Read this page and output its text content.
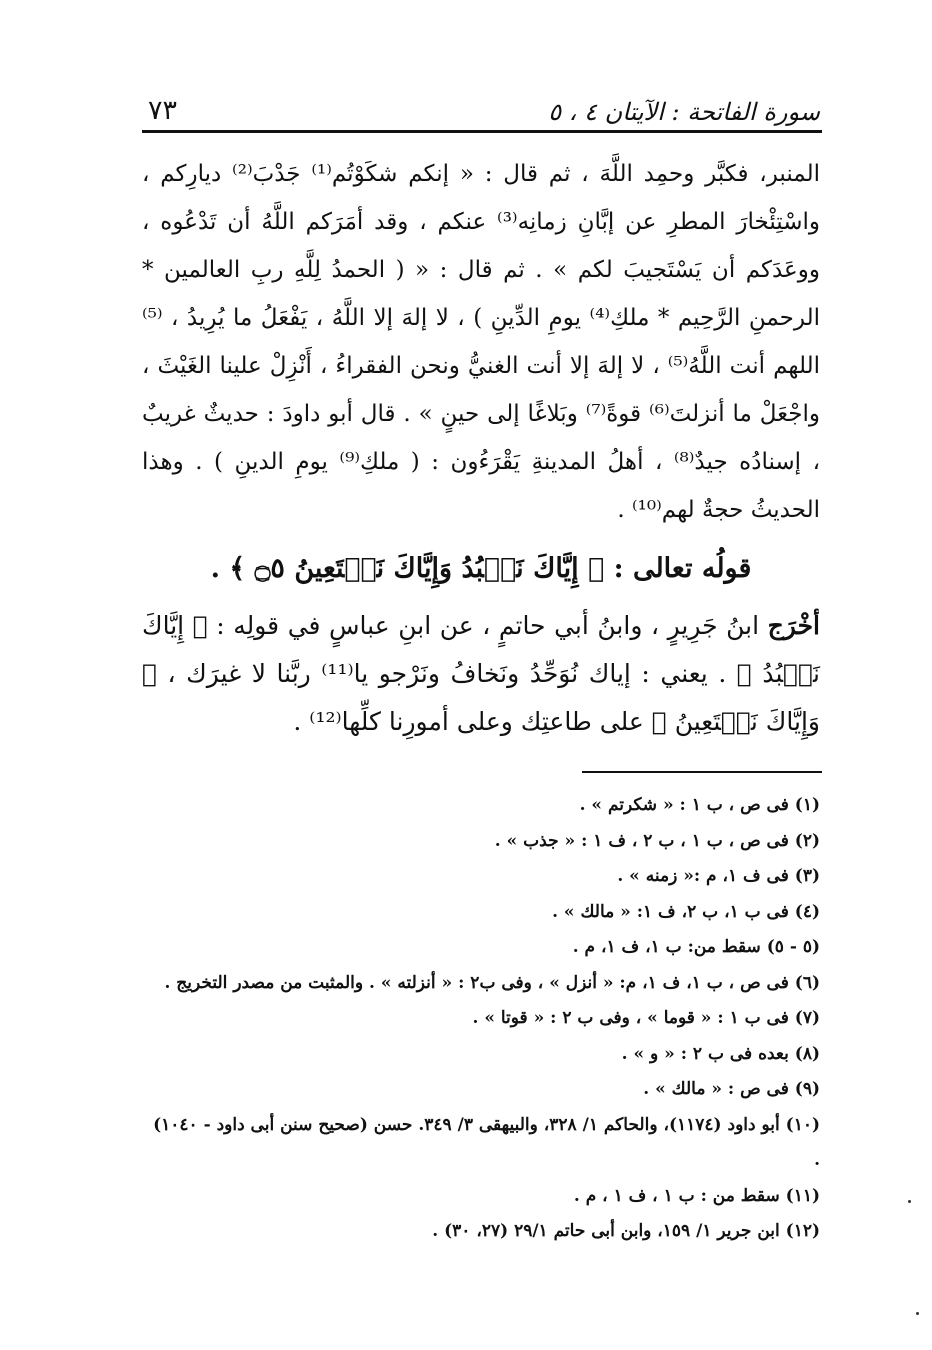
سورة الفاتحة : الآيتان ٤ ، ٥
٧٣

المنبر، فكبَّر وحمِد اللَّهَ ، ثم قال : « إنكم شكَوْتُم⁽¹⁾ جَدْبَ⁽²⁾ ديارِكم ، واسْتِئْخارَ المطرِ عن إبَّانِ زمانِه⁽³⁾ عنكم ، وقد أمَرَكم اللَّهُ أن تَدْعُوه ، ووعَدَكم أن يَسْتَجيبَ لكم » . ثم قال : « ( الحمدُ لِلَّهِ ربِ العالمين * الرحمنِ الرَّحِيم * ملكِ⁽⁴⁾ يومِ الدِّينِ ) ، لا إلهَ إلا اللَّهُ ، يَفْعَلُ ما يُرِيدُ ، ⁽⁵⁾اللهم أنت اللَّهُ⁽⁵⁾ ، لا إلهَ إلا أنت الغنيُّ ونحن الفقراءُ ، أَنْزِلْ علينا الغَيْثَ ، واجْعَلْ ما أنزلتَ⁽⁶⁾ قوةً⁽⁷⁾ وبَلاغًا إلى حينٍ » . قال أبو داودَ : حديثٌ غريبٌ ، إسنادُه جيدٌ⁽⁸⁾ ، أهلُ المدينةِ يَقْرَءُون : ( ملكِ⁽⁹⁾ يومِ الدينِ ) . وهذا الحديثُ حجةٌ لهم⁽¹⁰⁾ .

قولُه تعالى : ﴿ إِيَّاكَ نَعۡبُدُ وَإِيَّاكَ نَسۡتَعِينُ ۝٥ ﴾ .

أخْرَج ابنُ جَرِيرٍ ، وابنُ أبي حاتمٍ ، عن ابنِ عباسٍ في قولِه : ﴿ إِيَّاكَ نَعۡبُدُ ﴾ . يعني : إياك نُوَحِّدُ ونَخافُ ونَرْجو يا⁽¹¹⁾ ربَّنا لا غيرَك ، ﴿ وَإِيَّاكَ نَسۡتَعِينُ ﴾ على طاعتِك وعلى أمورِنا كلِّها⁽¹²⁾ .

(١) فى ص ، ب ١ : « شكرتم » .

(٢) فى ص ، ب ١ ، ب ٢ ، ف ١ : « جذب » .

(٣) فى ف ١، م :« زمنه » .

(٤) فى ب ١، ب ٢، ف ١: « مالك » .

(٥ - ٥) سقط من: ب ١، ف ١، م .

(٦) فى ص ، ب ١، ف ١، م: « أنزل » ، وفى ب٢ : « أنزلته » . والمثبت من مصدر التخريج .

(٧) فى ب ١ : « قوما » ، وفى ب ٢ : « قوتا » .

(٨) بعده فى ب ٢ : « و » .

(٩) فى ص : « مالك » .

(١٠) أبو داود (١١٧٤)، والحاكم ١/ ٣٢٨، والبيهقى ٣/ ٣٤٩. حسن (صحيح سنن أبى داود - ١٠٤٠) .

(١١) سقط من : ب ١ ، ف ١ ، م .

(١٢) ابن جرير ١/ ١٥٩، وابن أبى حاتم ٢٩/١ (٢٧، ٣٠) .
